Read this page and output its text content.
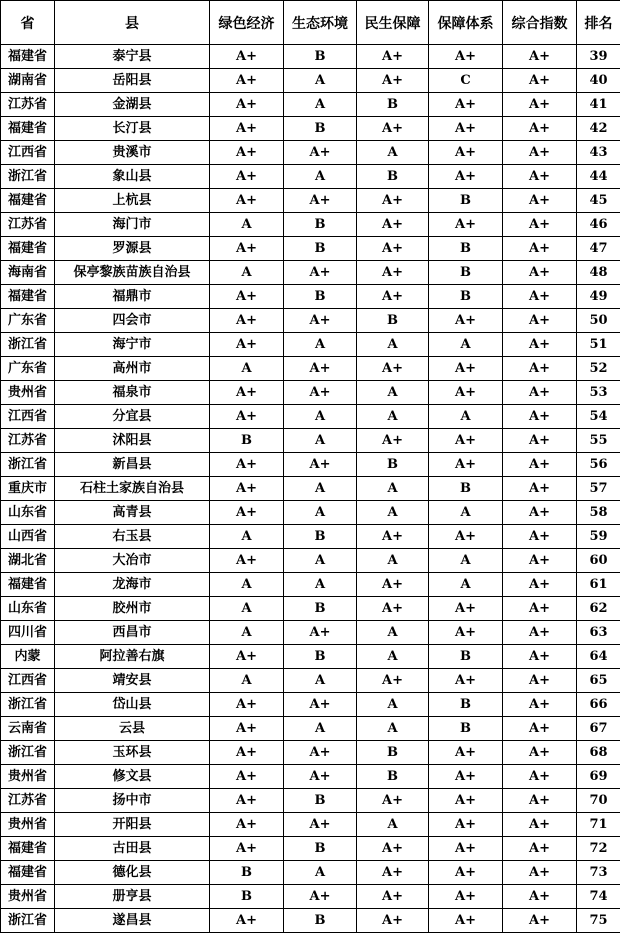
省	县	绿色经济	生态环境	民生保障	保障体系	综合指数	排名
福建省	泰宁县	A+	B	A+	A+	A+	39
湖南省	岳阳县	A+	A	A+	C	A+	40
江苏省	金湖县	A+	A	B	A+	A+	41
福建省	长汀县	A+	B	A+	A+	A+	42
江西省	贵溪市	A+	A+	A	A+	A+	43
浙江省	象山县	A+	A	B	A+	A+	44
福建省	上杭县	A+	A+	A+	B	A+	45
江苏省	海门市	A	B	A+	A+	A+	46
福建省	罗源县	A+	B	A+	B	A+	47
海南省	保亭黎族苗族自治县	A	A+	A+	B	A+	48
福建省	福鼎市	A+	B	A+	B	A+	49
广东省	四会市	A+	A+	B	A+	A+	50
浙江省	海宁市	A+	A	A	A	A+	51
广东省	高州市	A	A+	A+	A+	A+	52
贵州省	福泉市	A+	A+	A	A+	A+	53
江西省	分宜县	A+	A	A	A	A+	54
江苏省	沭阳县	B	A	A+	A+	A+	55
浙江省	新昌县	A+	A+	B	A+	A+	56
重庆市	石柱土家族自治县	A+	A	A	B	A+	57
山东省	高青县	A+	A	A	A	A+	58
山西省	右玉县	A	B	A+	A+	A+	59
湖北省	大冶市	A+	A	A	A	A+	60
福建省	龙海市	A	A	A+	A	A+	61
山东省	胶州市	A	B	A+	A+	A+	62
四川省	西昌市	A	A+	A	A+	A+	63
内蒙	阿拉善右旗	A+	B	A	B	A+	64
江西省	靖安县	A	A	A+	A+	A+	65
浙江省	岱山县	A+	A+	A	B	A+	66
云南省	云县	A+	A	A	B	A+	67
浙江省	玉环县	A+	A+	B	A+	A+	68
贵州省	修文县	A+	A+	B	A+	A+	69
江苏省	扬中市	A+	B	A+	A+	A+	70
贵州省	开阳县	A+	A+	A	A+	A+	71
福建省	古田县	A+	B	A+	A+	A+	72
福建省	德化县	B	A	A+	A+	A+	73
贵州省	册亨县	B	A+	A+	A+	A+	74
浙江省	遂昌县	A+	B	A+	A+	A+	75
